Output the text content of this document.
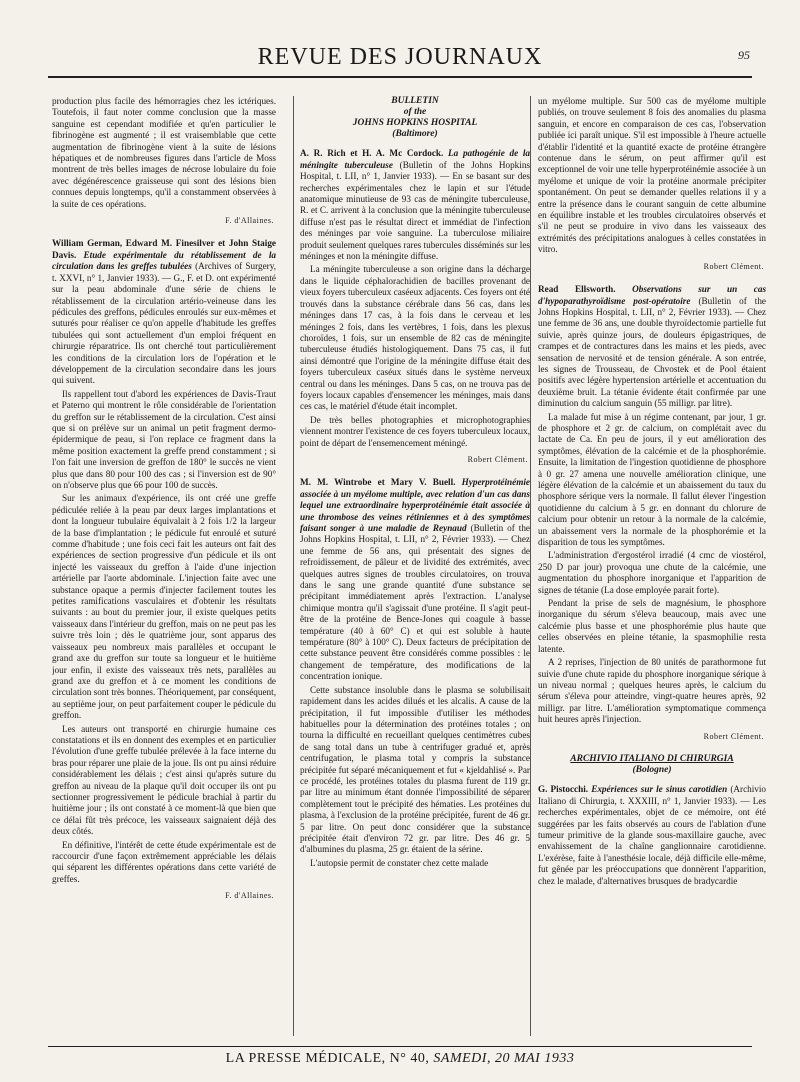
REVUE DES JOURNAUX	95

production plus facile des hémorragies chez les ictériques. Toutefois, il faut noter comme conclusion que la masse sanguine est cependant modifiée et qu'en particulier le fibrinogène est augmenté ; il est vraisemblable que cette augmentation de fibrinogène vient à la suite de lésions hépatiques et de nombreuses figures dans l'article de Moss montrent de très belles images de nécrose lobulaire du foie avec dégénérescence graisseuse qui sont des lésions bien connues depuis longtemps, qu'il a constamment observées à la suite de ces opérations.

F. d'Allaines.

William German, Edward M. Finesilver et John Staige Davis. Etude expérimentale du rétablissement de la circulation dans les greffes tubulées (Archives of Surgery, t. XXVI, n° 1, Janvier 1933). — G., F. et D. ont expérimenté sur la peau abdominale d'une série de chiens le rétablissement de la circulation artério-veineuse dans les pédicules des greffons, pédicules enroulés sur eux-mêmes et suturés pour réaliser ce qu'on appelle d'habitude les greffes tubulées qui sont actuellement d'un emploi fréquent en chirurgie réparatrice. Ils ont cherché tout particulièrement les conditions de la circulation lors de l'opération et le développement de la circulation secondaire dans les jours qui suivent.

Ils rappellent tout d'abord les expériences de Davis-Traut et Paterno qui montrent le rôle considérable de l'orientation du greffon sur le rétablissement de la circulation. C'est ainsi que si on prélève sur un animal un petit fragment dermo-épidermique de peau, si l'on replace ce fragment dans la même position exactement la greffe prend constamment ; si l'on fait une inversion de greffon de 180° le succès ne vient plus que dans 80 pour 100 des cas ; si l'inversion est de 90° on n'observe plus que 66 pour 100 de succès.

Sur les animaux d'expérience, ils ont créé une greffe pédiculée reliée à la peau par deux larges implantations et dont la longueur tubulaire équivalait à 2 fois 1/2 la largeur de la base d'implantation ; le pédicule fut enroulé et suturé comme d'habitude ; une fois ceci fait les auteurs ont fait des expériences de section progressive d'un pédicule et ils ont injecté les vaisseaux du greffon à l'aide d'une injection artérielle par l'aorte abdominale. L'injection faite avec une substance opaque a permis d'injecter facilement toutes les petites ramifications vasculaires et d'obtenir les résultats suivants : au bout du premier jour, il existe quelques petits vaisseaux dans l'intérieur du greffon, mais on ne peut pas les suivre très loin ; dès le quatrième jour, sont apparus des vaisseaux peu nombreux mais parallèles et occupant le grand axe du greffon sur toute sa longueur et le huitième jour enfin, il existe des vaisseaux très nets, parallèles au grand axe du greffon et à ce moment les conditions de circulation sont très bonnes. Théoriquement, par conséquent, au septième jour, on peut parfaitement couper le pédicule du greffon.

Les auteurs ont transporté en chirurgie humaine ces constatations et ils en donnent des exemples et en particulier l'évolution d'une greffe tubulée prélevée à la face interne du bras pour réparer une plaie de la joue. Ils ont pu ainsi réduire considérablement les délais ; c'est ainsi qu'après suture du greffon au niveau de la plaque qu'il doit occuper ils ont pu sectionner progressivement le pédicule brachial à partir du huitième jour ; ils ont constaté à ce moment-là que bien que ce délai fût très précoce, les vaisseaux saignaient déjà des deux côtés.

En définitive, l'intérêt de cette étude expérimentale est de raccourcir d'une façon extrêmement appréciable les délais qui séparent les différentes opérations dans cette variété de greffes.

F. d'Allaines.
BULLETIN
of the
JOHNS HOPKINS HOSPITAL
(Baltimore)

A. R. Rich et H. A. Mc Cordock. La pathogénie de la méningite tuberculeuse (Bulletin of the Johns Hopkins Hospital, t. LII, n° 1, Janvier 1933). — En se basant sur des recherches expérimentales chez le lapin et sur l'étude anatomique minutieuse de 93 cas de méningite tuberculeuse, R. et C. arrivent à la conclusion que la méningite tuberculeuse diffuse n'est pas le résultat direct et immédiat de l'infection des méninges par voie sanguine. La tuberculose miliaire produit seulement quelques rares tubercules disséminés sur les méninges et non la méningite diffuse.

La méningite tuberculeuse a son origine dans la décharge dans le liquide céphalorachidien de bacilles provenant de vieux foyers tuberculeux caséeux adjacents. Ces foyers ont été trouvés dans la substance cérébrale dans 56 cas, dans les méninges dans 17 cas, à la fois dans le cerveau et les méninges 2 fois, dans les vertèbres, 1 fois, dans les plexus choroïdes, 1 fois, sur un ensemble de 82 cas de méningite tuberculeuse étudiés histologiquement. Dans 75 cas, il fut ainsi démontré que l'origine de la méningite diffuse était des foyers tuberculeux caséux situés dans le système nerveux central ou dans les méninges. Dans 5 cas, on ne trouva pas de foyers locaux capables d'ensemencer les méninges, mais dans ces cas, le matériel d'étude était incomplet.

De très belles photographies et microphotographies viennent montrer l'existence de ces foyers tuberculeux locaux, point de départ de l'ensemencement méningé.

Robert Clément.

M. M. Wintrobe et Mary V. Buell. Hyperprotéinémie associée à un myélome multiple, avec relation d'un cas dans lequel une extraordinaire hyperprotéinémie était associée à une thrombose des veines rétiniennes et à des symptômes faisant songer à une maladie de Reynaud (Bulletin of the Johns Hopkins Hospital, t. LII, n° 2, Février 1933). — Chez une femme de 56 ans, qui présentait des signes de refroidissement, de pâleur et de lividité des extrémités, avec quelques autres signes de troubles circulatoires, on trouva dans le sang une grande quantité d'une substance se précipitant immédiatement après l'extraction. L'analyse chimique montra qu'il s'agissait d'une protéine. Il s'agit peut-être de la protéine de Bence-Jones qui coagule à basse température (40 à 60° C) et qui est soluble à haute température (80° à 100° C). Deux facteurs de précipitation de cette substance peuvent être considérés comme possibles : le changement de température, des modifications de la concentration ionique.

Cette substance insoluble dans le plasma se solubilisait rapidement dans les acides dilués et les alcalis. A cause de la précipitation, il fut impossible d'utiliser les méthodes habituelles pour la détermination des protéines totales ; on tourna la difficulté en recueillant quelques centimètres cubes de sang total dans un tube à centrifuger gradué et, après centrifugation, le plasma total y compris la substance précipitée fut séparé mécaniquement et fut « kjeldahlisé ». Par ce procédé, les protéines totales du plasma furent de 119 gr. par litre au minimum étant donnée l'impossibilité de séparer complètement tout le précipité des hématies. Les protéines du plasma, à l'exclusion de la protéine précipitée, furent de 46 gr. 5 par litre. On peut donc considérer que la substance précipitée était d'environ 72 gr. par litre. Des 46 gr. 5 d'albumines du plasma, 25 gr. étaient de la sérine.

L'autopsie permit de constater chez cette malade

un myélome multiple. Sur 500 cas de myélome multiple publiés, on trouve seulement 8 fois des anomalies du plasma sanguin, et encore en comparaison de ces cas, l'observation publiée ici paraît unique. S'il est impossible à l'heure actuelle d'établir l'identité et la quantité exacte de protéine étrangère contenue dans le sérum, on peut affirmer qu'il est exceptionnel de voir une telle hyperprotéinémie associée à un myélome et unique de voir la protéine anormale précipiter spontanément. On peut se demander quelles relations il y a entre la présence dans le courant sanguin de cette albumine en équilibre instable et les troubles circulatoires observés et s'il ne peut se produire in vivo dans les vaisseaux des extrémités des précipitations analogues à celles constatées in vitro.

Robert Clément.

Read Ellsworth. Observations sur un cas d'hypoparathyroïdisme post-opératoire (Bulletin of the Johns Hopkins Hospital, t. LII, n° 2, Février 1933). — Chez une femme de 36 ans, une double thyroïdectomie partielle fut suivie, après quinze jours, de douleurs épigastriques, de crampes et de contractures dans les mains et les pieds, avec sensation de nervosité et de tension générale. A son entrée, les signes de Trousseau, de Chvostek et de Pool étaient positifs avec légère hypertension artérielle et accentuation du deuxième bruit. La tétanie évidente était confirmée par une diminution du calcium sanguin (55 milligr. par litre).

La malade fut mise à un régime contenant, par jour, 1 gr. de phosphore et 2 gr. de calcium, on complétait avec du lactate de Ca. En peu de jours, il y eut amélioration des symptômes, élévation de la calcémie et de la phosphorémie. Ensuite, la limitation de l'ingestion quotidienne de phosphore à 0 gr. 27 amena une nouvelle amélioration clinique, une légère élévation de la calcémie et un abaissement du taux du phosphore sérique vers la normale. Il fallut élever l'ingestion quotidienne du calcium à 5 gr. en donnant du chlorure de calcium pour obtenir un retour à la normale de la calcémie, un abaissement vers la normale de la phosphorémie et la disparition de tous les symptômes.

L'administration d'ergostérol irradié (4 cmc de viostérol, 250 D par jour) provoqua une chute de la calcémie, une augmentation du phosphore inorganique et l'apparition de signes de tétanie (La dose employée parait forte).

Pendant la prise de sels de magnésium, le phosphore inorganique du sérum s'éleva beaucoup, mais avec une calcémie plus basse et une phosphorémie plus haute que celles observées en pleine tétanie, la spasmophilie resta latente.

A 2 reprises, l'injection de 80 unités de parathormone fut suivie d'une chute rapide du phosphore inorganique sérique à un niveau normal ; quelques heures après, le calcium du sérum s'éleva pour atteindre, vingt-quatre heures après, 92 milligr. par litre. L'amélioration symptomatique commença huit heures après l'injection.

Robert Clément.
ARCHIVIO ITALIANO DI CHIRURGIA
(Bologne)

G. Pistocchi. Expériences sur le sinus carotidien (Archivio Italiano di Chirurgia, t. XXXIII, n° 1, Janvier 1933). — Les recherches expérimentales, objet de ce mémoire, ont été suggérées par les faits observés au cours de l'ablation d'une tumeur primitive de la glande sous-maxillaire gauche, avec envahissement de la chaîne ganglionnaire carotidienne. L'exérèse, faite à l'anesthésie locale, déjà difficile elle-même, fut gênée par les préoccupations que donnèrent l'apparition, chez le malade, d'alternatives brusques de bradycardie

LA PRESSE MÉDICALE, N° 40, SAMEDI, 20 MAI 1933
